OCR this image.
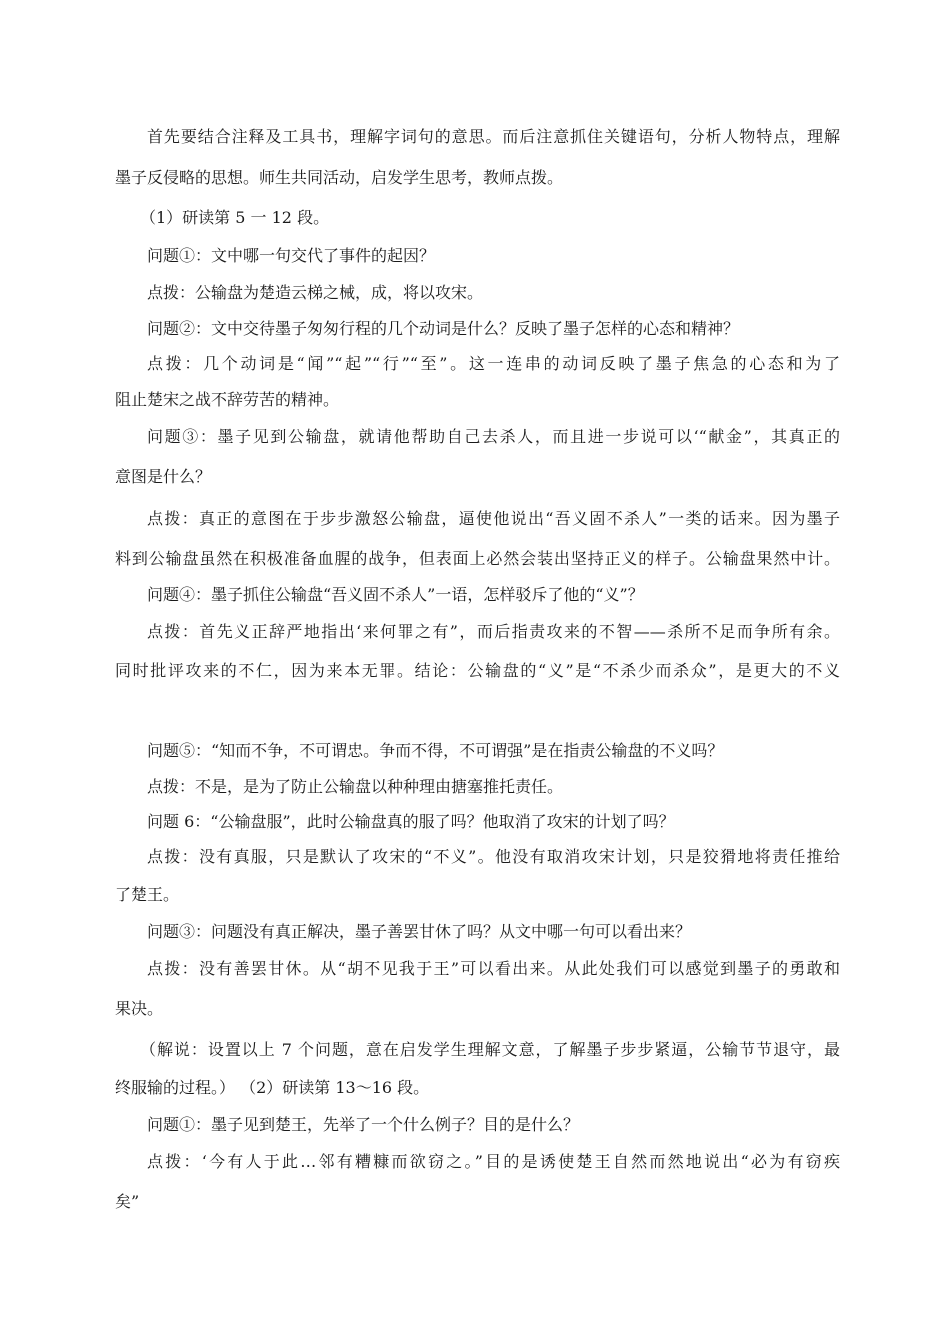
首先要结合注释及工具书，理解字词句的意思。而后注意抓住关键语句，分析人物特点，理解
墨子反侵略的思想。师生共同活动，启发学生思考，教师点拨。
（1）研读第 5 一 12 段。
问题①：文中哪一句交代了事件的起因？
点拨：公输盘为楚造云梯之械，成，将以攻宋。
问题②：文中交待墨子匆匆行程的几个动词是什么？反映了墨子怎样的心态和精神？
点拨：几个动词是“闻”“起”“行”“至”。这一连串的动词反映了墨子焦急的心态和为了
阻止楚宋之战不辞劳苦的精神。
问题③：墨子见到公输盘，就请他帮助自己去杀人，而且进一步说可以‘“献金”，其真正的
意图是什么？
点拨：真正的意图在于步步激怒公输盘，逼使他说出“吾义固不杀人”一类的话来。因为墨子
料到公输盘虽然在积极准备血腥的战争，但表面上必然会装出坚持正义的样子。公输盘果然中计。
问题④：墨子抓住公输盘“吾义固不杀人”一语，怎样驳斥了他的“义”？
点拨：首先义正辞严地指出‘来何罪之有”，而后指责攻来的不智——杀所不足而争所有余。
同时批评攻来的不仁，因为来本无罪。结论：公输盘的“义”是“不杀少而杀众”，是更大的不义
问题⑤：“知而不争，不可谓忠。争而不得，不可谓强”是在指责公输盘的不义吗？
点拨：不是，是为了防止公输盘以种种理由搪塞推托责任。
问题 6：“公输盘服”，此时公输盘真的服了吗？他取消了攻宋的计划了吗？
点拨：没有真服，只是默认了攻宋的“不义”。他没有取消攻宋计划，只是狡猾地将责任推给
了楚王。
问题③：问题没有真正解决，墨子善罢甘休了吗？从文中哪一句可以看出来？
点拨：没有善罢甘休。从“胡不见我于王”可以看出来。从此处我们可以感觉到墨子的勇敢和
果决。
（解说：设置以上 7 个问题，意在启发学生理解文意，了解墨子步步紧逼，公输节节退守，最
终服输的过程。） （2）研读第 13～16 段。
问题①：墨子见到楚王，先举了一个什么例子？目的是什么？
点拨：‘今有人于此…邻有糟糠而欲窃之。”目的是诱使楚王自然而然地说出“必为有窃疾
矣”
